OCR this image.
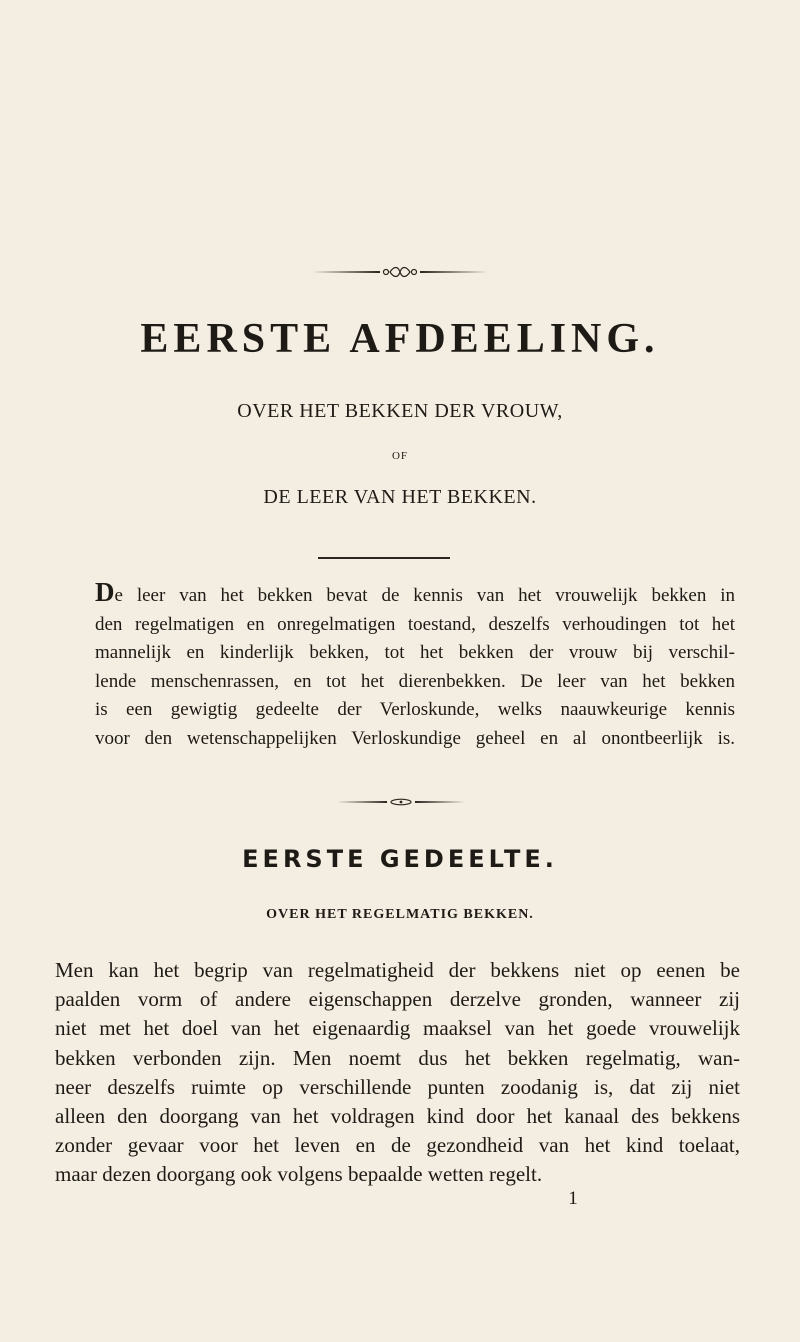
EERSTE AFDEELING.
OVER HET BEKKEN DER VROUW,
OF
DE LEER VAN HET BEKKEN.
De leer van het bekken bevat de kennis van het vrouwelijk bekken in
den regelmatigen en onregelmatigen toestand, deszelfs verhoudingen tot het
mannelijk en kinderlijk bekken, tot het bekken der vrouw bij verschil-
lende menschenrassen, en tot het dierenbekken. De leer van het bekken
is een gewigtig gedeelte der Verloskunde, welks naauwkeurige kennis
voor den wetenschappelijken Verloskundige geheel en al onontbeerlijk is.
EERSTE GEDEELTE.
OVER HET REGELMATIG BEKKEN.
Men kan het begrip van regelmatigheid der bekkens niet op eenen be
paalden vorm of andere eigenschappen derzelve gronden, wanneer zij
niet met het doel van het eigenaardig maaksel van het goede vrouwelijk
bekken verbonden zijn. Men noemt dus het bekken regelmatig, wan-
neer deszelfs ruimte op verschillende punten zoodanig is, dat zij niet
alleen den doorgang van het voldragen kind door het kanaal des bekkens
zonder gevaar voor het leven en de gezondheid van het kind toelaat,
maar dezen doorgang ook volgens bepaalde wetten regelt.
1
